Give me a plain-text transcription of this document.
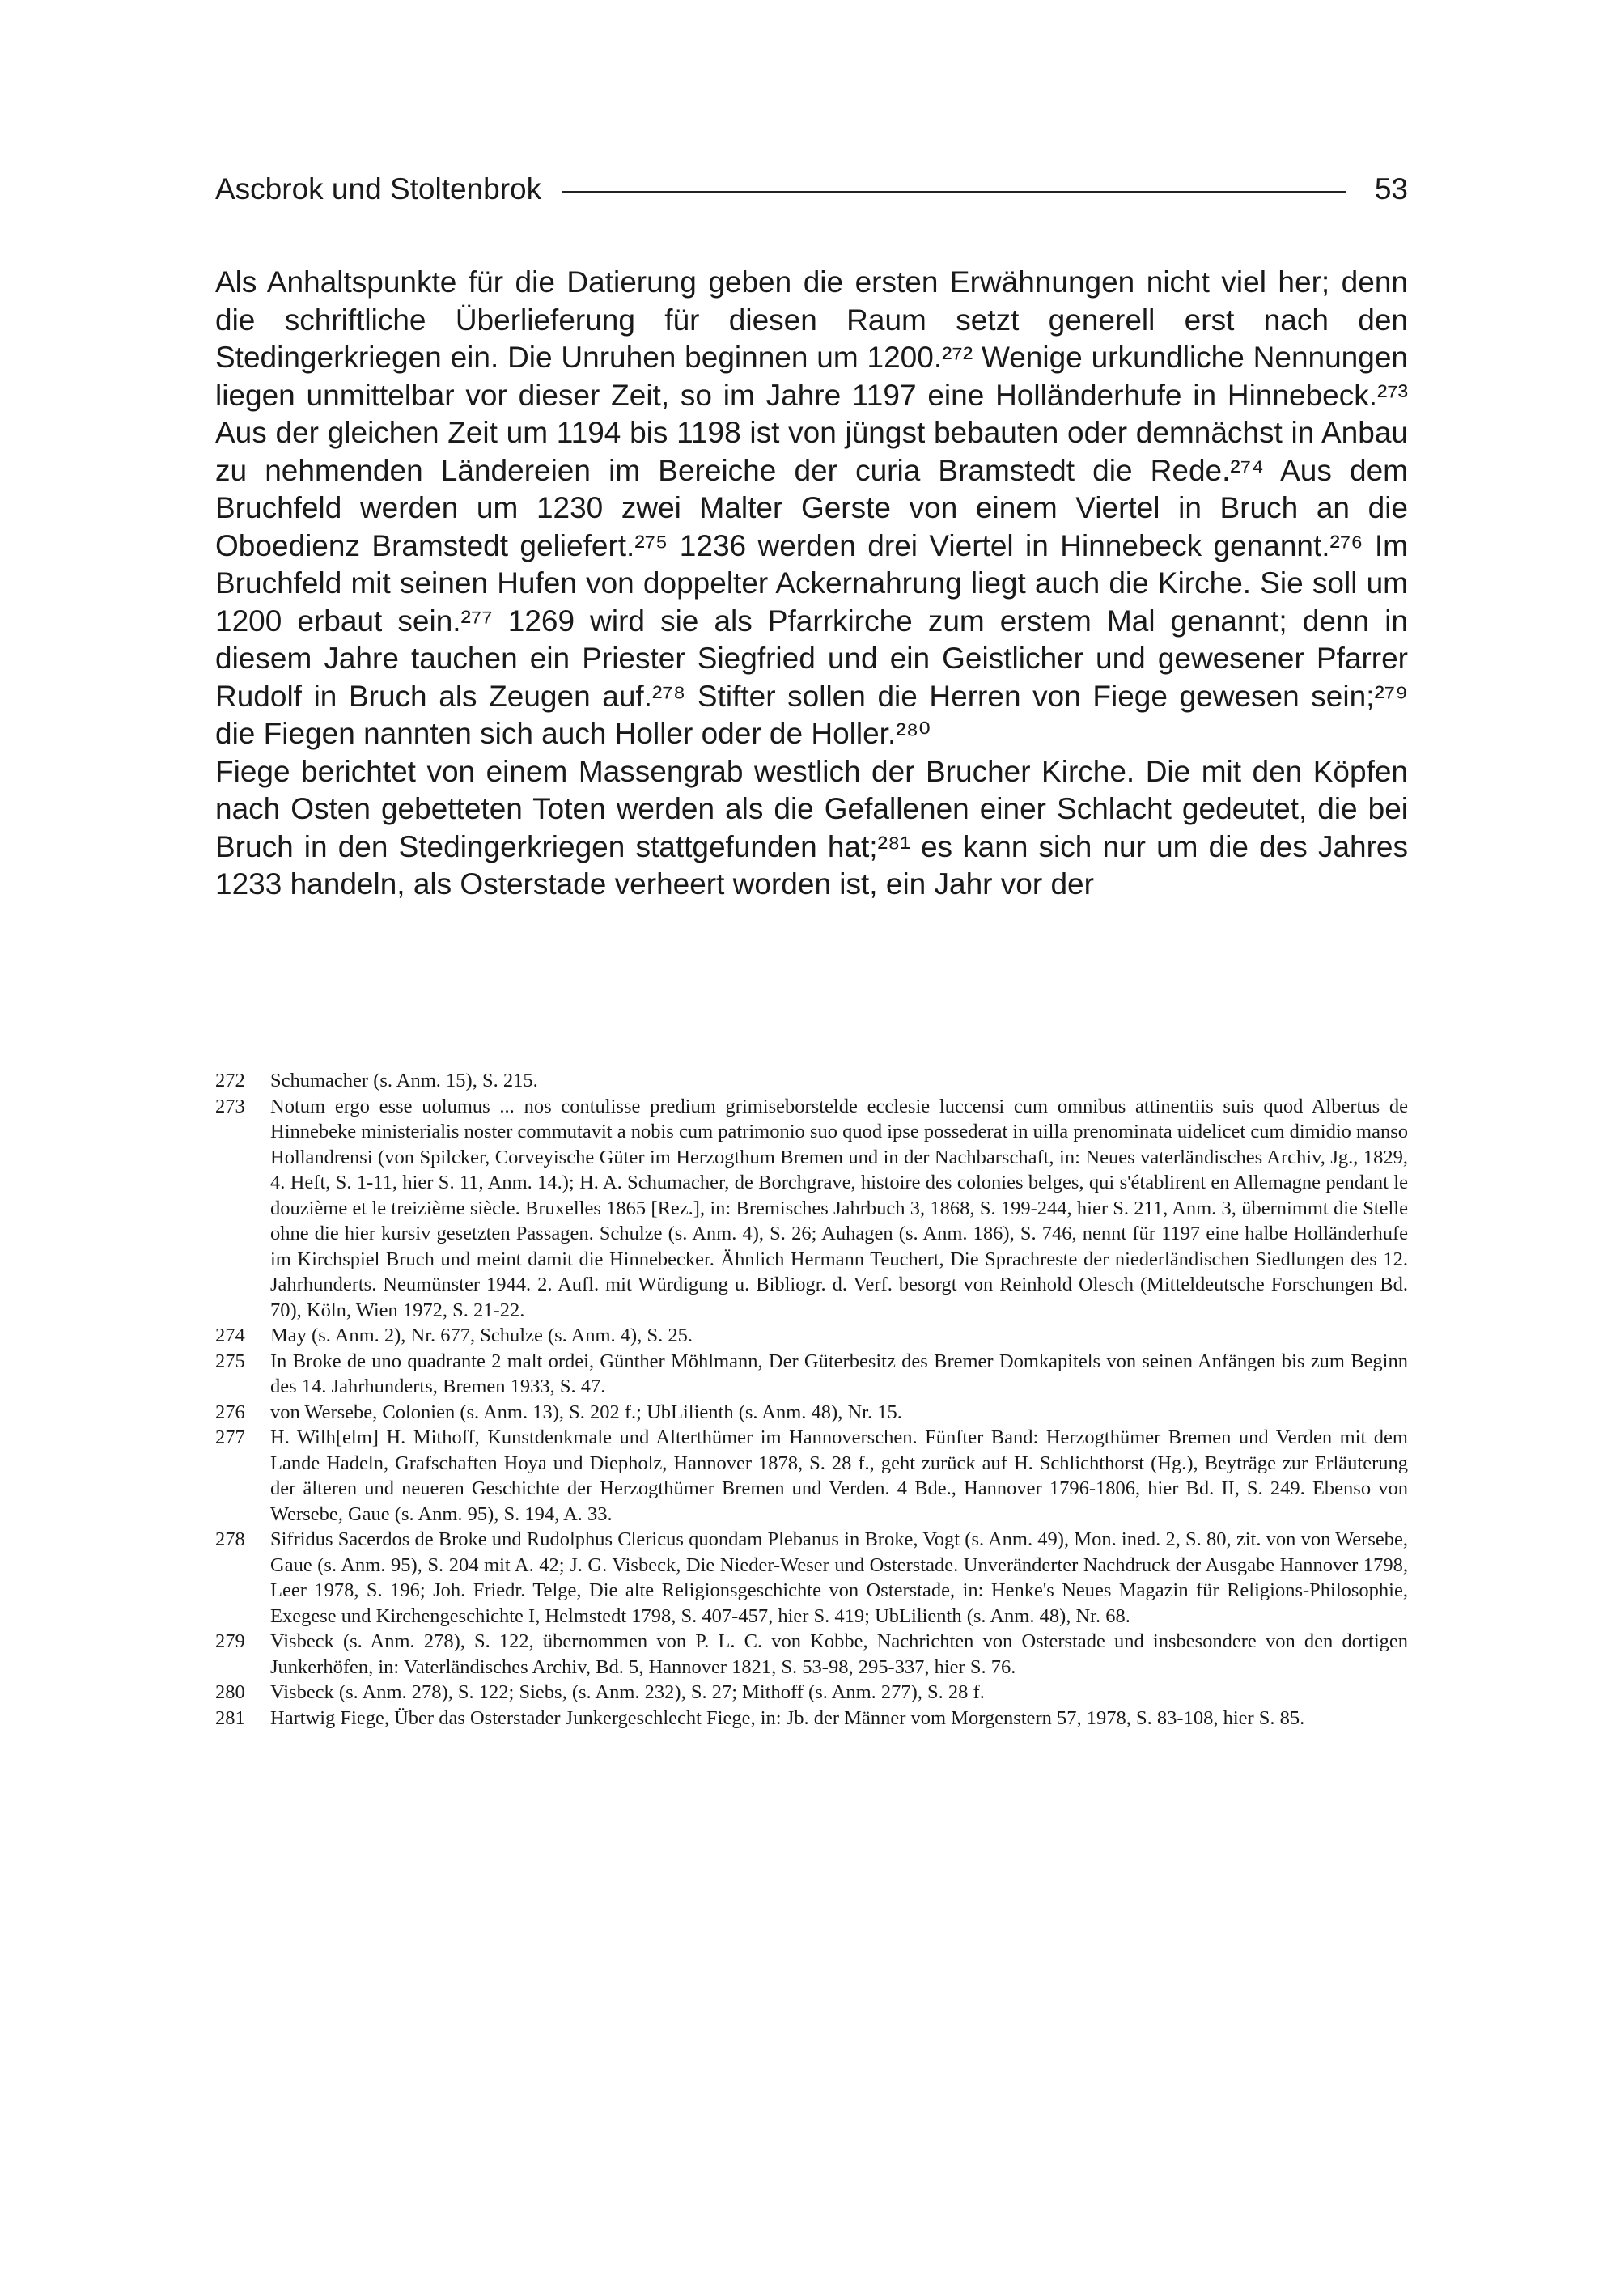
Ascbrok und Stoltenbrok	53

Als Anhaltspunkte für die Datierung geben die ersten Erwähnungen nicht viel her; denn die schriftliche Überlieferung für diesen Raum setzt generell erst nach den Stedingerkriegen ein. Die Unruhen beginnen um 1200.²⁷² Wenige urkundliche Nennungen liegen unmittelbar vor dieser Zeit, so im Jahre 1197 eine Holländerhufe in Hinnebeck.²⁷³ Aus der gleichen Zeit um 1194 bis 1198 ist von jüngst bebauten oder demnächst in Anbau zu nehmenden Ländereien im Bereiche der curia Bramstedt die Rede.²⁷⁴ Aus dem Bruchfeld werden um 1230 zwei Malter Gerste von einem Viertel in Bruch an die Oboedienz Bramstedt geliefert.²⁷⁵ 1236 werden drei Viertel in Hinnebeck genannt.²⁷⁶ Im Bruchfeld mit seinen Hufen von doppelter Ackernahrung liegt auch die Kirche. Sie soll um 1200 erbaut sein.²⁷⁷ 1269 wird sie als Pfarrkirche zum erstem Mal genannt; denn in diesem Jahre tauchen ein Priester Siegfried und ein Geistlicher und gewesener Pfarrer Rudolf in Bruch als Zeugen auf.²⁷⁸ Stifter sollen die Herren von Fiege gewesen sein;²⁷⁹ die Fiegen nannten sich auch Holler oder de Holler.²⁸⁰

Fiege berichtet von einem Massengrab westlich der Brucher Kirche. Die mit den Köpfen nach Osten gebetteten Toten werden als die Gefallenen einer Schlacht gedeutet, die bei Bruch in den Stedingerkriegen stattgefunden hat;²⁸¹ es kann sich nur um die des Jahres 1233 handeln, als Osterstade verheert worden ist, ein Jahr vor der

272	Schumacher (s. Anm. 15), S. 215.
273	Notum ergo esse uolumus ... nos contulisse predium grimiseborstelde ecclesie luccensi cum omnibus attinentiis suis quod Albertus de Hinnebeke ministerialis noster commutavit a nobis cum patrimonio suo quod ipse possederat in uilla prenominata uidelicet cum dimidio manso Hollandrensi (von Spilcker, Corveyische Güter im Herzogthum Bremen und in der Nachbarschaft, in: Neues vaterländisches Archiv, Jg., 1829, 4. Heft, S. 1-11, hier S. 11, Anm. 14.); H. A. Schumacher, de Borchgrave, histoire des colonies belges, qui s'établirent en Allemagne pendant le douzième et le treizième siècle. Bruxelles 1865 [Rez.], in: Bremisches Jahrbuch 3, 1868, S. 199-244, hier S. 211, Anm. 3, übernimmt die Stelle ohne die hier kursiv gesetzten Passagen. Schulze (s. Anm. 4), S. 26; Auhagen (s. Anm. 186), S. 746, nennt für 1197 eine halbe Holländerhufe im Kirchspiel Bruch und meint damit die Hinnebecker. Ähnlich Hermann Teuchert, Die Sprachreste der niederländischen Siedlungen des 12. Jahrhunderts. Neumünster 1944. 2. Aufl. mit Würdigung u. Bibliogr. d. Verf. besorgt von Reinhold Olesch (Mitteldeutsche Forschungen Bd. 70), Köln, Wien 1972, S. 21-22.
274	May (s. Anm. 2), Nr. 677, Schulze (s. Anm. 4), S. 25.
275	In Broke de uno quadrante 2 malt ordei, Günther Möhlmann, Der Güterbesitz des Bremer Domkapitels von seinen Anfängen bis zum Beginn des 14. Jahrhunderts, Bremen 1933, S. 47.
276	von Wersebe, Colonien (s. Anm. 13), S. 202 f.; UbLilienth (s. Anm. 48), Nr. 15.
277	H. Wilh[elm] H. Mithoff, Kunstdenkmale und Alterthümer im Hannoverschen. Fünfter Band: Herzogthümer Bremen und Verden mit dem Lande Hadeln, Grafschaften Hoya und Diepholz, Hannover 1878, S. 28 f., geht zurück auf H. Schlichthorst (Hg.), Beyträge zur Erläuterung der älteren und neueren Geschichte der Herzogthümer Bremen und Verden. 4 Bde., Hannover 1796-1806, hier Bd. II, S. 249. Ebenso von Wersebe, Gaue (s. Anm. 95), S. 194, A. 33.
278	Sifridus Sacerdos de Broke und Rudolphus Clericus quondam Plebanus in Broke, Vogt (s. Anm. 49), Mon. ined. 2, S. 80, zit. von von Wersebe, Gaue (s. Anm. 95), S. 204 mit A. 42; J. G. Visbeck, Die Nieder-Weser und Osterstade. Unveränderter Nachdruck der Ausgabe Hannover 1798, Leer 1978, S. 196; Joh. Friedr. Telge, Die alte Religionsgeschichte von Osterstade, in: Henke's Neues Magazin für Religions-Philosophie, Exegese und Kirchengeschichte I, Helmstedt 1798, S. 407-457, hier S. 419; UbLilienth (s. Anm. 48), Nr. 68.
279	Visbeck (s. Anm. 278), S. 122, übernommen von P. L. C. von Kobbe, Nachrichten von Osterstade und insbesondere von den dortigen Junkerhöfen, in: Vaterländisches Archiv, Bd. 5, Hannover 1821, S. 53-98, 295-337, hier S. 76.
280	Visbeck (s. Anm. 278), S. 122; Siebs, (s. Anm. 232), S. 27; Mithoff (s. Anm. 277), S. 28 f.
281	Hartwig Fiege, Über das Osterstader Junkergeschlecht Fiege, in: Jb. der Männer vom Morgenstern 57, 1978, S. 83-108, hier S. 85.
